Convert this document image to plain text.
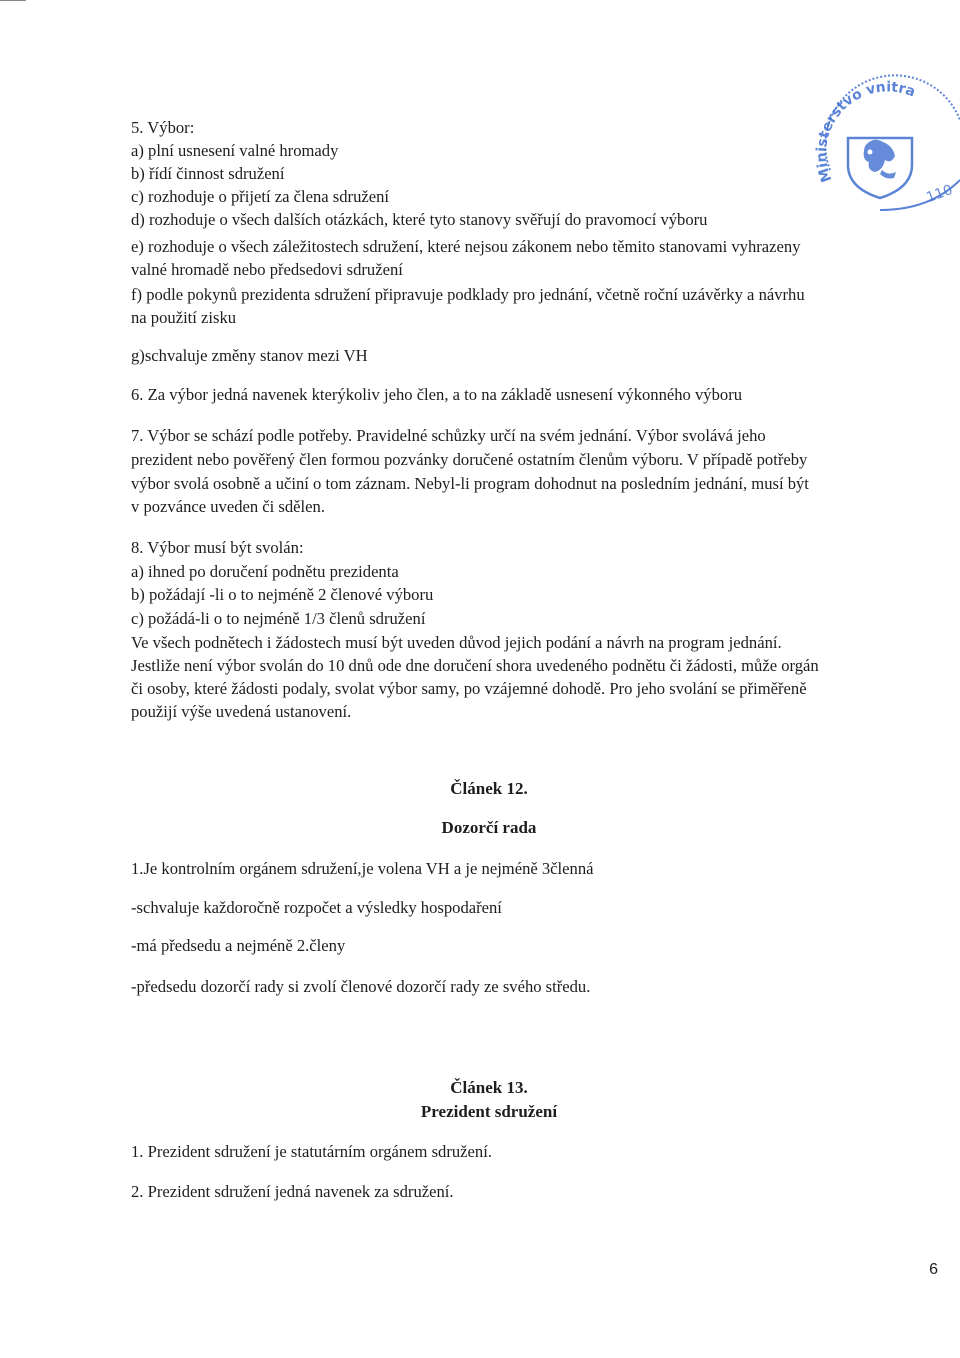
Ministerstvo vnitra
110
5. Výbor:
a) plní usnesení valné hromady
b) řídí činnost sdružení
c) rozhoduje o přijetí za člena sdružení
d) rozhoduje o všech dalších otázkách, které tyto stanovy svěřují do pravomocí výboru
e) rozhoduje o všech záležitostech sdružení, které nejsou zákonem nebo těmito stanovami vyhrazeny
valné hromadě nebo předsedovi sdružení
f) podle pokynů prezidenta sdružení připravuje podklady pro jednání, včetně roční uzávěrky a návrhu
na použití zisku
g)schvaluje změny stanov mezi VH
6. Za výbor jedná navenek kterýkoliv jeho člen, a to na základě usnesení výkonného výboru
7. Výbor se schází podle potřeby. Pravidelné schůzky určí na svém jednání. Výbor svolává jeho
prezident nebo pověřený člen formou pozvánky doručené ostatním členům výboru. V případě potřeby
výbor svolá osobně a učiní o tom záznam. Nebyl-li program dohodnut na posledním jednání, musí být
v pozvánce uveden či sdělen.
8. Výbor musí být svolán:
a) ihned po doručení podnětu prezidenta
b) požádají -li o to nejméně 2 členové výboru
c) požádá-li o to nejméně 1/3 členů sdružení
Ve všech podnětech i žádostech musí být uveden důvod jejich podání a návrh na program jednání.
Jestliže není výbor svolán do 10 dnů ode dne doručení shora uvedeného podnětu či žádosti, může orgán
či osoby, které žádosti podaly, svolat výbor samy, po vzájemné dohodě. Pro jeho svolání se přiměřeně
použijí výše uvedená ustanovení.
Článek 12.
Dozorčí rada
1.Je kontrolním orgánem sdružení,je volena VH a je nejméně 3členná
-schvaluje každoročně rozpočet a výsledky hospodaření
-má předsedu a nejméně 2.členy
-předsedu dozorčí rady si zvolí členové dozorčí rady ze svého středu.
Článek 13.
Prezident sdružení
1. Prezident sdružení je statutárním orgánem sdružení.
2. Prezident sdružení jedná navenek za sdružení.
6
